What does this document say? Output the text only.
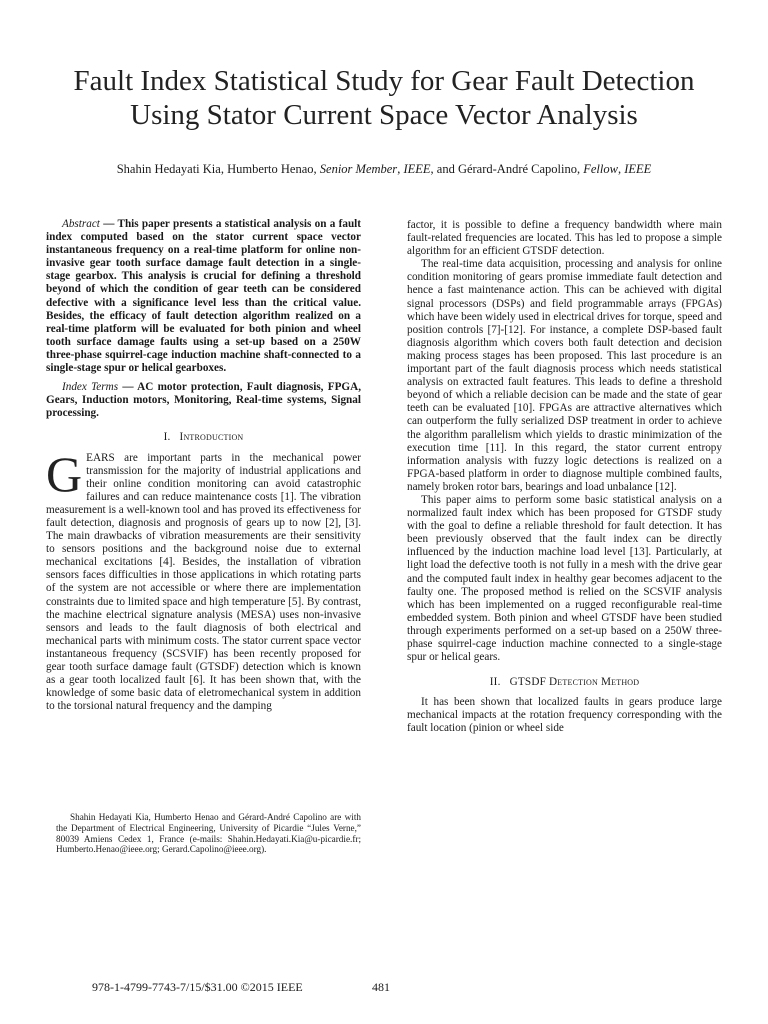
Fault Index Statistical Study for Gear Fault Detection
Using Stator Current Space Vector Analysis
Shahin Hedayati Kia, Humberto Henao, Senior Member, IEEE, and Gérard-André Capolino, Fellow, IEEE

Abstract — This paper presents a statistical analysis on a fault index computed based on the stator current space vector instantaneous frequency on a real-time platform for online non-invasive gear tooth surface damage fault detection in a single-stage gearbox. This analysis is crucial for defining a threshold beyond of which the condition of gear teeth can be considered defective with a significance level less than the critical value. Besides, the efficacy of fault detection algorithm realized on a real-time platform will be evaluated for both pinion and wheel tooth surface damage faults using a set-up based on a 250W three-phase squirrel-cage induction machine shaft-connected to a single-stage spur or helical gearboxes.

Index Terms — AC motor protection, Fault diagnosis, FPGA, Gears, Induction motors, Monitoring, Real-time systems, Signal processing.

I. Introduction

GEARS are important parts in the mechanical power transmission for the majority of industrial applications and their online condition monitoring can avoid catastrophic failures and can reduce maintenance costs [1]. The vibration measurement is a well-known tool and has proved its effectiveness for fault detection, diagnosis and prognosis of gears up to now [2], [3]. The main drawbacks of vibration measurements are their sensitivity to sensors positions and the background noise due to external mechanical excitations [4]. Besides, the installation of vibration sensors faces difficulties in those applications in which rotating parts of the system are not accessible or where there are implementation constraints due to limited space and high temperature [5]. By contrast, the machine electrical signature analysis (MESA) uses non-invasive sensors and leads to the fault diagnosis of both electrical and mechanical parts with minimum costs. The stator current space vector instantaneous frequency (SCSVIF) has been recently proposed for gear tooth surface damage fault (GTSDF) detection which is known as a gear tooth localized fault [6]. It has been shown that, with the knowledge of some basic data of eletromechanical system in addition to the torsional natural frequency and the damping

Shahin Hedayati Kia, Humberto Henao and Gérard-André Capolino are with the Department of Electrical Engineering, University of Picardie “Jules Verne,” 80039 Amiens Cedex 1, France (e-mails: Shahin.Hedayati.Kia@u-picardie.fr; Humberto.Henao@ieee.org; Gerard.Capolino@ieee.org).

factor, it is possible to define a frequency bandwidth where main fault-related frequencies are located. This has led to propose a simple algorithm for an efficient GTSDF detection.

The real-time data acquisition, processing and analysis for online condition monitoring of gears promise immediate fault detection and hence a fast maintenance action. This can be achieved with digital signal processors (DSPs) and field programmable arrays (FPGAs) which have been widely used in electrical drives for torque, speed and position controls [7]-[12]. For instance, a complete DSP-based fault diagnosis algorithm which covers both fault detection and decision making process stages has been proposed. This last procedure is an important part of the fault diagnosis process which needs statistical analysis on extracted fault features. This leads to define a threshold beyond of which a reliable decision can be made and the state of gear teeth can be evaluated [10]. FPGAs are attractive alternatives which can outperform the fully serialized DSP treatment in order to achieve the algorithm parallelism which yields to drastic minimization of the execution time [11]. In this regard, the stator current entropy information analysis with fuzzy logic detections is realized on a FPGA-based platform in order to diagnose multiple combined faults, namely broken rotor bars, bearings and load unbalance [12].

This paper aims to perform some basic statistical analysis on a normalized fault index which has been proposed for GTSDF study with the goal to define a reliable threshold for fault detection. It has been previously observed that the fault index can be directly influenced by the induction machine load level [13]. Particularly, at light load the defective tooth is not fully in a mesh with the drive gear and the computed fault index in healthy gear becomes adjacent to the faulty one. The proposed method is relied on the SCSVIF analysis which has been implemented on a rugged reconfigurable real-time embedded system. Both pinion and wheel GTSDF have been studied through experiments performed on a set-up based on a 250W three-phase squirrel-cage induction machine connected to a single-stage spur or helical gears.

II. GTSDF Detection Method

It has been shown that localized faults in gears produce large mechanical impacts at the rotation frequency corresponding with the fault location (pinion or wheel side

978-1-4799-7743-7/15/$31.00 ©2015 IEEE	481
